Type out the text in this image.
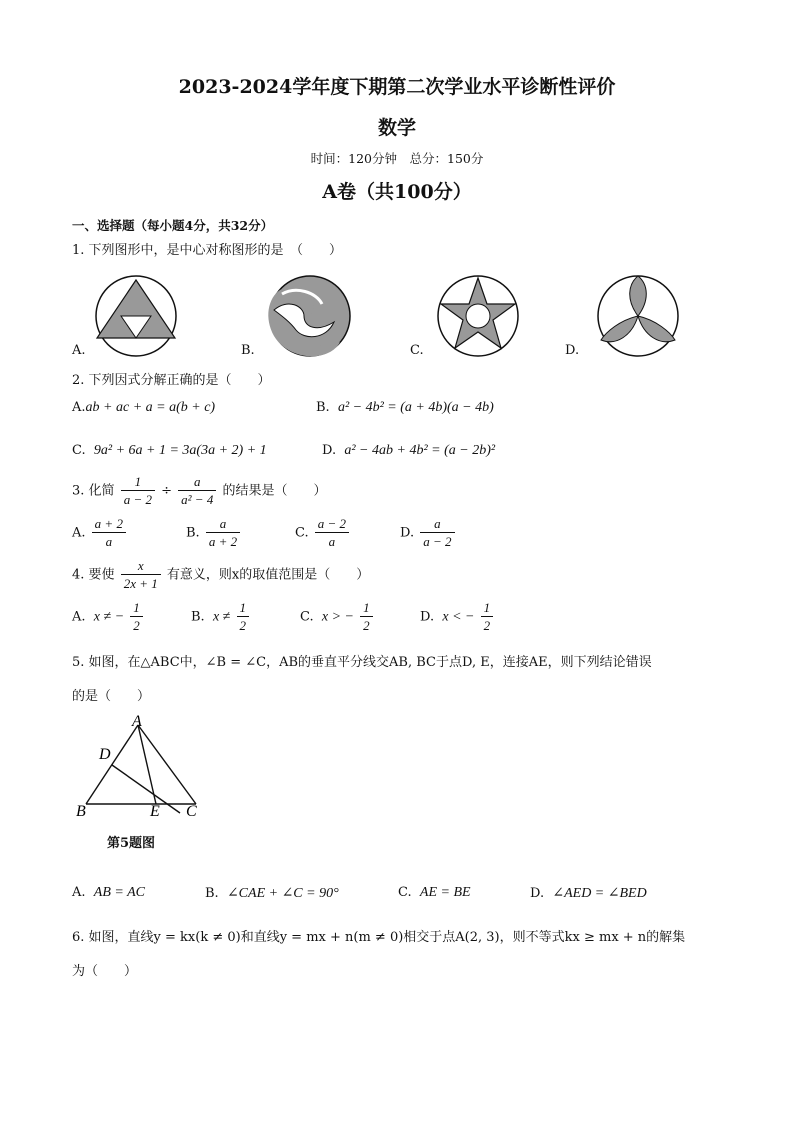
2023-2024学年度下期第二次学业水平诊断性评价
数学
时间：120分钟　总分：150分
A卷（共100分）
一、选择题（每小题4分，共32分）
1. 下列图形中，是中心对称图形的是　（　　）
A.	B.	C.	D.
2. 下列因式分解正确的是（　　）
A.ab + ac + a = a(b + c)	B. a² − 4b² = (a + 4b)(a − 4b)
C. 9a² + 6a + 1 = 3a(3a + 2) + 1	D. a² − 4ab + 4b² = (a − 2b)²
3. 化简 $\frac{1}{a - 2} \div \frac{a}{\text{a² − 4}}$ 的结果是（　　）
A. $\frac{a + 2}{a}$	B. $\frac{a}{a + 2}$	C. $\frac{a - 2}{a}$	D. $\frac{a}{a - 2}$
4. 要使 $\frac{x}{2x + 1}$ 有意义，则x的取值范围是（　　）
A. x ≠ − $\frac{1}{2}$	B. $x \ne \frac{1}{2}$	C. x > − $\frac{1}{2}$	D. x < − $\frac{1}{2}$
5. 如图，在△ABC中，∠B = ∠C，AB的垂直平分线交AB, BC于点D, E，连接AE，则下列结论错误
的是（　　）
A
D
B	E C
第5题图
A. AB = AC	B. ∠CAE + ∠C = 90°	C. AE = BE	D. ∠AED = ∠BED
6. 如图，直线y = kx(k ≠ 0)和直线y = mx + n(m ≠ 0)相交于点A(2, 3)，则不等式kx ≥ mx + n的解集
为（　　）
